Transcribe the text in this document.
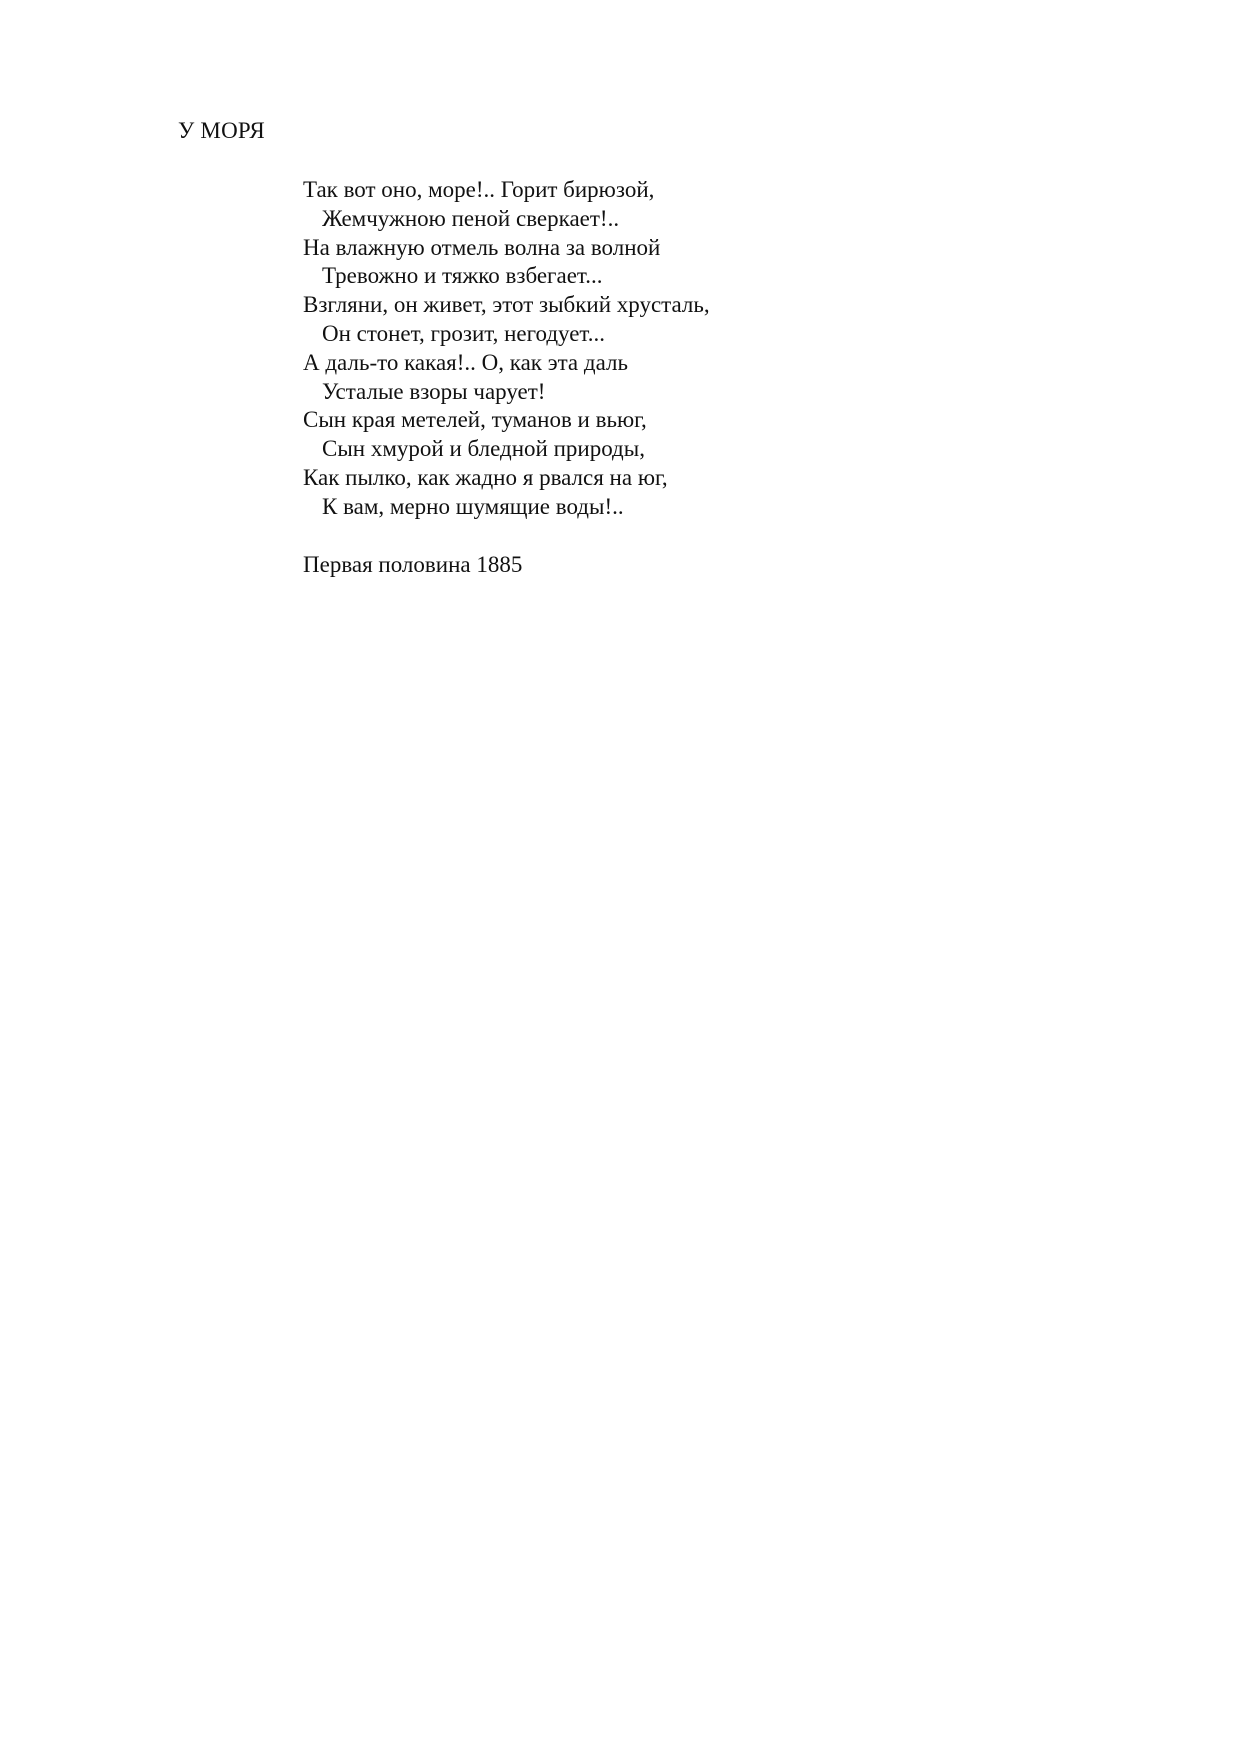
У МОРЯ
Так вот оно, море!.. Горит бирюзой,
Жемчужною пеной сверкает!..
На влажную отмель волна за волной
Тревожно и тяжко взбегает...
Взгляни, он живет, этот зыбкий хрусталь,
Он стонет, грозит, негодует...
А даль-то какая!.. О, как эта даль
Усталые взоры чарует!
Сын края метелей, туманов и вьюг,
Сын хмурой и бледной природы,
Как пылко, как жадно я рвался на юг,
К вам, мерно шумящие воды!..
Первая половина 1885
